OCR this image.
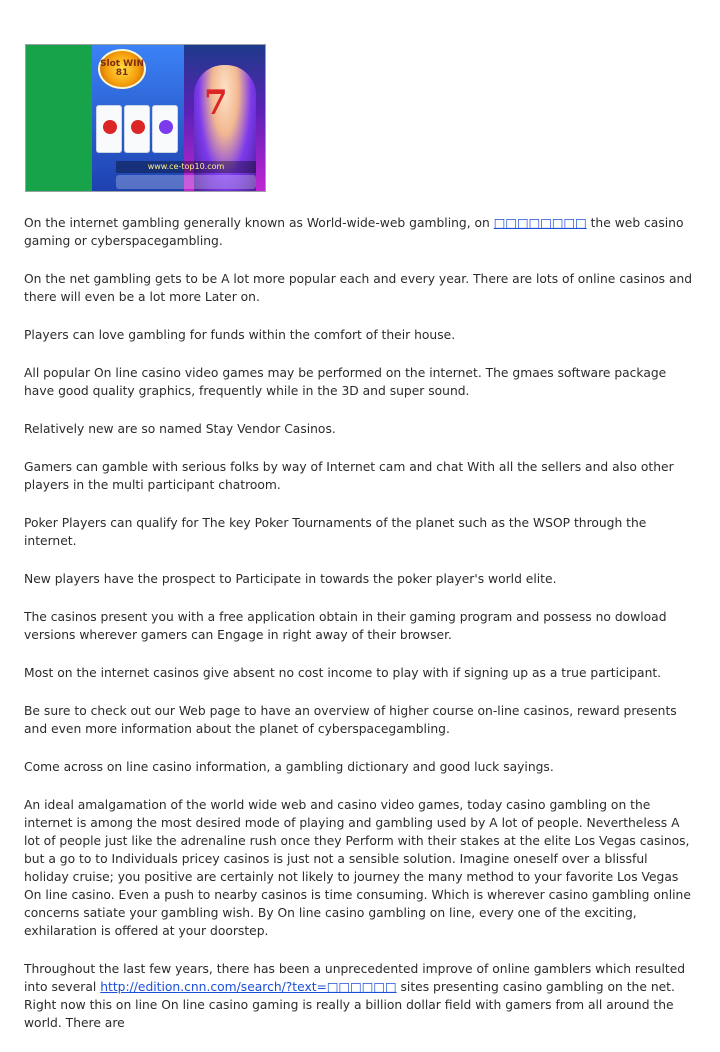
Slot WIN 81
7
www.ce-top10.com

On the internet gambling generally known as World-wide-web gambling, on □□□□□□□□ the web casino gaming or cyberspacegambling.

On the net gambling gets to be A lot more popular each and every year. There are lots of online casinos and there will even be a lot more Later on.

Players can love gambling for funds within the comfort of their house.

All popular On line casino video games may be performed on the internet. The gmaes software package have good quality graphics, frequently while in the 3D and super sound.

Relatively new are so named Stay Vendor Casinos.

Gamers can gamble with serious folks by way of Internet cam and chat With all the sellers and also other players in the multi participant chatroom.

Poker Players can qualify for The key Poker Tournaments of the planet such as the WSOP through the internet.

New players have the prospect to Participate in towards the poker player's world elite.

The casinos present you with a free application obtain in their gaming program and possess no dowload versions wherever gamers can Engage in right away of their browser.

Most on the internet casinos give absent no cost income to play with if signing up as a true participant.

Be sure to check out our Web page to have an overview of higher course on-line casinos, reward presents and even more information about the planet of cyberspacegambling.

Come across on line casino information, a gambling dictionary and good luck sayings.

An ideal amalgamation of the world wide web and casino video games, today casino gambling on the internet is among the most desired mode of playing and gambling used by A lot of people. Nevertheless A lot of people just like the adrenaline rush once they Perform with their stakes at the elite Los Vegas casinos, but a go to to Individuals pricey casinos is just not a sensible solution. Imagine oneself over a blissful holiday cruise; you positive are certainly not likely to journey the many method to your favorite Los Vegas On line casino. Even a push to nearby casinos is time consuming. Which is wherever casino gambling online concerns satiate your gambling wish. By On line casino gambling on line, every one of the exciting, exhilaration is offered at your doorstep.

Throughout the last few years, there has been a unprecedented improve of online gamblers which resulted into several http://edition.cnn.com/search/?text=□□□□□□ sites presenting casino gambling on the net. Right now this on line On line casino gaming is really a billion dollar field with gamers from all around the world. There are
